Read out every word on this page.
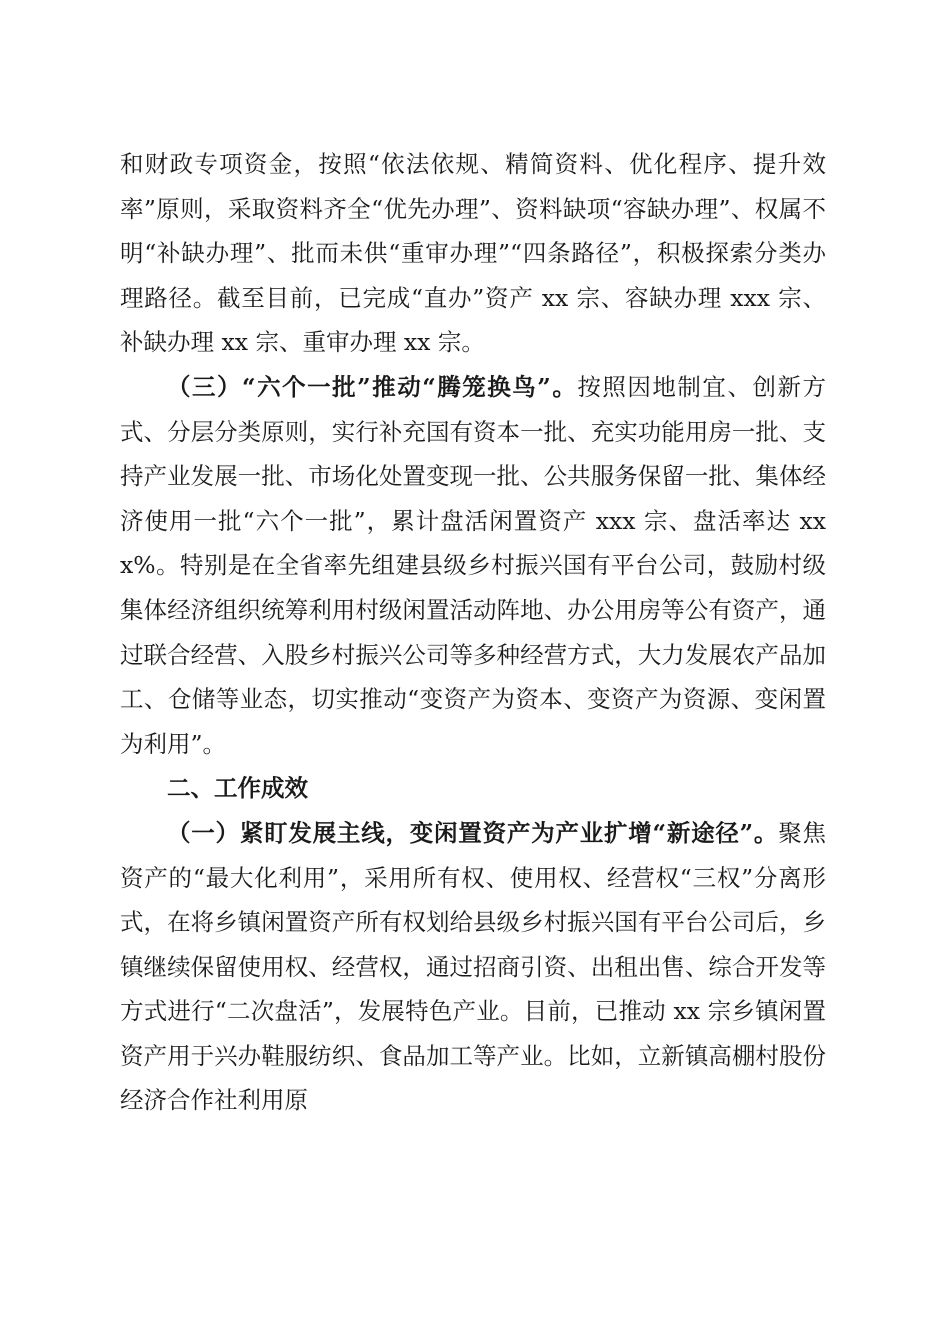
和财政专项资金，按照“依法依规、精简资料、优化程序、提升效率”原则，采取资料齐全“优先办理”、资料缺项“容缺办理”、权属不明“补缺办理”、批而未供“重审办理”“四条路径”，积极探索分类办理路径。截至目前，已完成“直办”资产 xx 宗、容缺办理 xxx 宗、补缺办理 xx 宗、重审办理 xx 宗。

（三）“六个一批”推动“腾笼换鸟”。按照因地制宜、创新方式、分层分类原则，实行补充国有资本一批、充实功能用房一批、支持产业发展一批、市场化处置变现一批、公共服务保留一批、集体经济使用一批“六个一批”，累计盘活闲置资产 xxx 宗、盘活率达 xxx%。特别是在全省率先组建县级乡村振兴国有平台公司，鼓励村级集体经济组织统筹利用村级闲置活动阵地、办公用房等公有资产，通过联合经营、入股乡村振兴公司等多种经营方式，大力发展农产品加工、仓储等业态，切实推动“变资产为资本、变资产为资源、变闲置为利用”。

二、工作成效

（一）紧盯发展主线，变闲置资产为产业扩增“新途径”。聚焦资产的“最大化利用”，采用所有权、使用权、经营权“三权”分离形式，在将乡镇闲置资产所有权划给县级乡村振兴国有平台公司后，乡镇继续保留使用权、经营权，通过招商引资、出租出售、综合开发等方式进行“二次盘活”，发展特色产业。目前，已推动 xx 宗乡镇闲置资产用于兴办鞋服纺织、食品加工等产业。比如，立新镇高棚村股份经济合作社利用原
